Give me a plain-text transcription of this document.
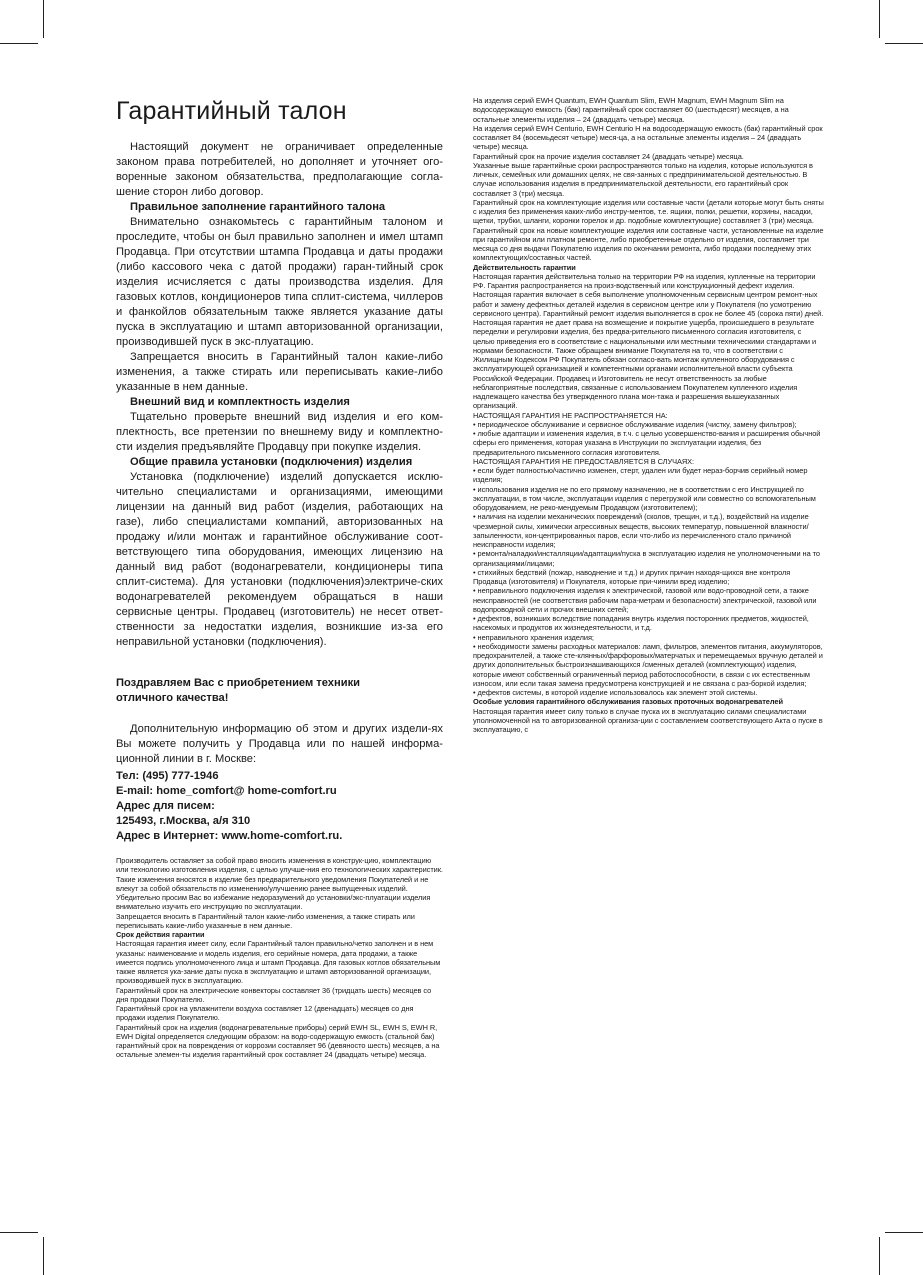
Гарантийный талон

Настоящий документ не ограничивает определенные законом права потребителей, но дополняет и уточняет ого-воренные законом обязательства, предполагающие согла-шение сторон либо договор.

Правильное заполнение гарантийного талона

Внимательно ознакомьтесь с гарантийным талоном и проследите, чтобы он был правильно заполнен и имел штамп Продавца. При отсутствии штампа Продавца и даты продажи (либо кассового чека с датой продажи) гаран-тийный срок изделия исчисляется с даты производства изделия. Для газовых котлов, кондиционеров типа сплит-система, чиллеров и фанкойлов обязательным также является указание даты пуска в эксплуатацию и штамп авторизованной организации, производившей пуск в экс-плуатацию.

Запрещается вносить в Гарантийный талон какие-либо изменения, а также стирать или переписывать какие-либо указанные в нем данные.

Внешний вид и комплектность изделия

Тщательно проверьте внешний вид изделия и его ком-плектность, все претензии по внешнему виду и комплектно-сти изделия предъявляйте Продавцу при покупке изделия.

Общие правила установки (подключения) изделия

Установка (подключение) изделий допускается исклю-чительно специалистами и организациями, имеющими лицензии на данный вид работ (изделия, работающих на газе), либо специалистами компаний, авторизованных на продажу и/или монтаж и гарантийное обслуживание соот-ветствующего типа оборудования, имеющих лицензию на данный вид работ (водонагреватели, кондиционеры типа сплит-система). Для установки (подключения)электриче-ских водонагревателей рекомендуем обращаться в наши сервисные центры. Продавец (изготовитель) не несет ответ-ственности за недостатки изделия, возникшие из-за его неправильной установки (подключения).

Поздравляем Вас с приобретением техники

отличного качества!

Дополнительную информацию об этом и других издели-ях Вы можете получить у Продавца или по нашей информа-ционной линии в г. Москве:

Тел: (495) 777-1946

E-mail: home_comfort@ home-comfort.ru

Адрес для писем:

125493, г.Москва, а/я 310

Адрес в Интернет: www.home-comfort.ru.

Производитель оставляет за собой право вносить изменения в конструк-цию, комплектацию или технологию изготовления изделия, с целью улучше-ния его технологических характеристик.

Такие изменения вносятся в изделие без предварительного уведомления Покупателей и не влекут за собой обязательств по изменению/улучшению ранее выпущенных изделий.

Убедительно просим Вас во избежание недоразумений до установки/экс-плуатации изделия внимательно изучить его инструкцию по эксплуатации.

Запрещается вносить в Гарантийный талон какие-либо изменения, а также стирать или переписывать какие-либо указанные в нем данные.

Срок действия гарантии

Настоящая гарантия имеет силу, если Гарантийный талон правильно/четко заполнен и в нем указаны: наименование и модель изделия, его серийные номера, дата продажи, а также имеется подпись уполномоченного лица и штамп Продавца. Для газовых котлов обязательным также является ука-зание даты пуска в эксплуатацию и штамп авторизованной организации, производившей пуск в эксплуатацию.

Гарантийный срок на электрические конвекторы составляет 36 (тридцать шесть) месяцев со дня продажи Покупателю.

Гарантийный срок на увлажнители воздуха составляет 12 (двенадцать) месяцев со дня продажи изделия Покупателю.

Гарантийный срок на изделия (водонагревательные приборы) серий EWH SL, EWH S, EWH R, EWH Digital определяется следующим образом: на водо-содержащую емкость (стальной бак) гарантийный срок на повреждения от коррозии составляет 96 (девяносто шесть) месяцев, а на остальные элемен-ты изделия гарантийный срок составляет 24 (двадцать четыре) месяца.

На изделия серий EWH Quantum, EWH Quantum Slim, EWH Magnum, EWH Magnum Slim на водосодержащую емкость (бак) гарантийный срок составляет 60 (шестьдесят) месяцев, а на остальные элементы изделия – 24 (двадцать четыре) месяца.

На изделия серий EWH Centurio, EWH Centurio H на водосодержащую емкость (бак) гарантийный срок составляет 84 (восемьдесят четыре) меся-ца, а на остальные элементы изделия – 24 (двадцать четыре) месяца.

Гарантийный срок на прочие изделия составляет 24 (двадцать четыре) месяца.

Указанные выше гарантийные сроки распространяются только на изделия, которые используются в личных, семейных или домашних целях, не свя-занных с предпринимательской деятельностью. В случае использования изделия в предпринимательской деятельности, его гарантийный срок составляет 3 (три) месяца.

Гарантийный срок на комплектующие изделия или составные части (детали которые могут быть сняты с изделия без применения каких-либо инстру-ментов, т.е. ящики, полки, решетки, корзины, насадки, щетки, трубки, шланги, коронки горелок и др. подобные комплектующие) составляет 3 (три) месяца.

Гарантийный срок на новые комплектующие изделия или составные части, установленные на изделие при гарантийном или платном ремонте, либо приобретенные отдельно от изделия, составляет три месяца со дня выдачи Покупателю изделия по окончании ремонта, либо продажи последнему этих комплектующих/составных частей.

Действительность гарантии

Настоящая гарантия действительна только на территории РФ на изделия, купленные на территории РФ. Гарантия распространяется на произ-водственный или конструкционный дефект изделия. Настоящая гарантия включает в себя выполнение уполномоченным сервисным центром ремонт-ных работ и замену дефектных деталей изделия в сервисном центре или у Покупателя (по усмотрению сервисного центра). Гарантийный ремонт изделия выполняется в срок не более 45 (сорока пяти) дней.

Настоящая гарантия не дает права на возмещение и покрытие ущерба, происшедшего в результате переделки и регулировки изделия, без предва-рительного письменного согласия изготовителя, с целью приведения его в соответствие с национальными или местными техническими стандартами и нормами безопасности. Также обращаем внимание Покупателя на то, что в соответствии с Жилищным Кодексом РФ Покупатель обязан согласо-вать монтаж купленного оборудования с эксплуатирующей организацией и компетентными органами исполнительной власти субъекта Российской Федерации. Продавец и Изготовитель не несут ответственность за любые неблагоприятные последствия, связанные с использованием Покупателем купленного изделия надлежащего качества без утвержденного плана мон-тажа и разрешения вышеуказанных организаций.

НАСТОЯЩАЯ ГАРАНТИЯ НЕ РАСПРОСТРАНЯЕТСЯ НА:

• периодическое обслуживание и сервисное обслуживание изделия (чистку, замену фильтров);

• любые адаптации и изменения изделия, в т.ч. с целью усовершенство-вания и расширения обычной сферы его применения, которая указана в Инструкции по эксплуатации изделия, без предварительного письменного согласия изготовителя.

НАСТОЯЩАЯ ГАРАНТИЯ НЕ ПРЕДОСТАВЛЯЕТСЯ В СЛУЧАЯХ:

• если будет полностью/частично изменен, стерт, удален или будет нераз-борчив серийный номер изделия;

• использования изделия не по его прямому назначению, не в соответствии с его Инструкцией по эксплуатации, в том числе, эксплуатации изделия с перегрузкой или совместно со вспомогательным оборудованием, не реко-мендуемым Продавцом (изготовителем);

• наличия на изделии механических повреждений (сколов, трещин, и т.д.), воздействий на изделие чрезмерной силы, химически агрессивных веществ, высоких температур, повышенной влажности/запыленности, кон-центрированных паров, если что-либо из перечисленного стало причиной неисправности изделия;

• ремонта/наладки/инсталляции/адаптации/пуска в эксплуатацию изделия не уполномоченными на то организациями/лицами;

• стихийных бедствий (пожар, наводнение и т.д.) и других причин находя-щихся вне контроля Продавца (изготовителя) и Покупателя, которые при-чинили вред изделию;

• неправильного подключения изделия к электрической, газовой или водо-проводной сети, а также неисправностей (не соответствия рабочим пара-метрам и безопасности) электрической, газовой или водопроводной сети и прочих внешних сетей;

• дефектов, возникших вследствие попадания внутрь изделия посторонних предметов, жидкостей, насекомых и продуктов их жизнедеятельности, и т.д.

• неправильного хранения изделия;

• необходимости замены расходных материалов: ламп, фильтров, элементов питания, аккумуляторов, предохранителей, а также сте-клянных/фарфоровых/матерчатых и перемещаемых вручную деталей и других дополнительных быстроизнашивающихся /сменных деталей (комплектующих) изделия, которые имеют собственный ограниченный период работоспособности, в связи с их естественным износом, или если такая замена предусмотрена конструкцией и не связана с раз-боркой изделия;

• дефектов системы, в которой изделие использовалось как элемент этой системы.

Особые условия гарантийного обслуживания газовых проточных водонагревателей

Настоящая гарантия имеет силу только в случае пуска их в эксплуатацию силами специалистами уполномоченной на то авторизованной организа-ции с составлением соответствующего Акта о пуске в эксплуатацию, с
